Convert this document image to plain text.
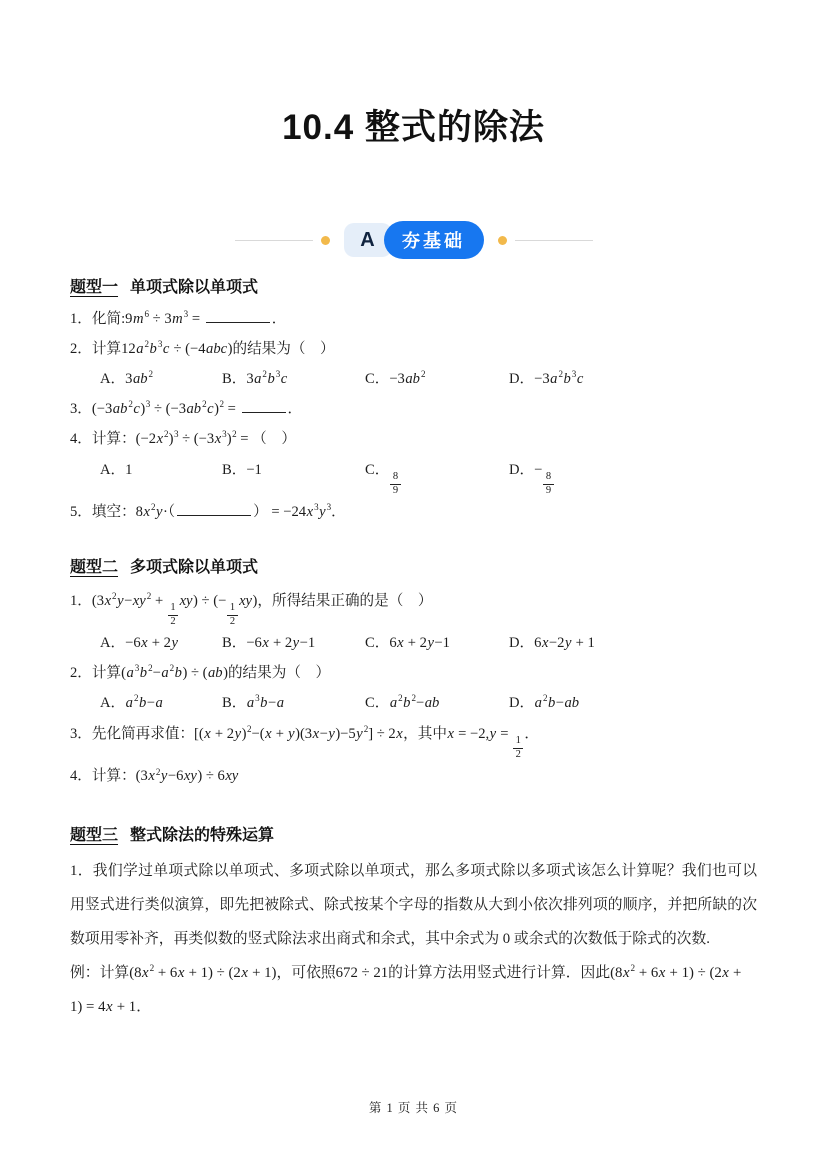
10.4 整式的除法
A	夯基础
题型一 单项式除以单项式

1．化简$:9m^6 \div 3m^3$ =	．

2．计算$12a^2b^3c \div (-4abc)$的结果为（　）

A．$3ab^2$	B．$3a^2b^3c$	C．$-3ab^2$	D．$-3a^2b^3c$

3．$(-3ab^2c)^3 \div (-3ab^2c)^2$ =	．

4．计算：$(-2x^2)^3 \div (-3x^3)^2$ = （　）

A．1	B．−1	C．
$\frac{8}{9}$
D．−
$\frac{8}{9}$

5．填空：$8x^2y\cdot$（	） = $-24x^3y^3$．

题型二 多项式除以单项式

1．($3x^2y-xy^2$ +
$\frac{1}{2}$
xy) ÷ (−
$\frac{1}{2}$
xy)，所得结果正确的是（　）

A．−6x + 2y	B．−6x + 2y−1	C．6x + 2y−1	D．6x−2y + 1

2．计算$(a^3b^2-a^2b) \div (ab)$的结果为（　）

A．$a^2b-a$	B．$a^3b-a$	C．$a^2b^2-ab$	D．$a^2b-ab$

3．先化简再求值：$[(x + 2y)^2-(x + y)(3x-y)-5y^2] \div 2x$，其中x = −2,y =
$\frac{1}{2}$
．

4．计算：$(3x^2y-6xy) \div 6xy$

题型三 整式除法的特殊运算

1．我们学过单项式除以单项式、多项式除以单项式，那么多项式除以多项式该怎么计算呢？我们也可以用竖式进行类似演算，即先把被除式、除式按某个字母的指数从大到小依次排列项的顺序，并把所缺的次数项用零补齐，再类似数的竖式除法求出商式和余式，其中余式为 0 或余式的次数低于除式的次数.

例：计算$(8x^2 + 6x + 1) \div (2x + 1)$，可依照672 ÷ 21的计算方法用竖式进行计算．因此$(8x^2 + 6x + 1) \div (2x + 1) = 4x + 1$．

第 1 页 共 6 页
